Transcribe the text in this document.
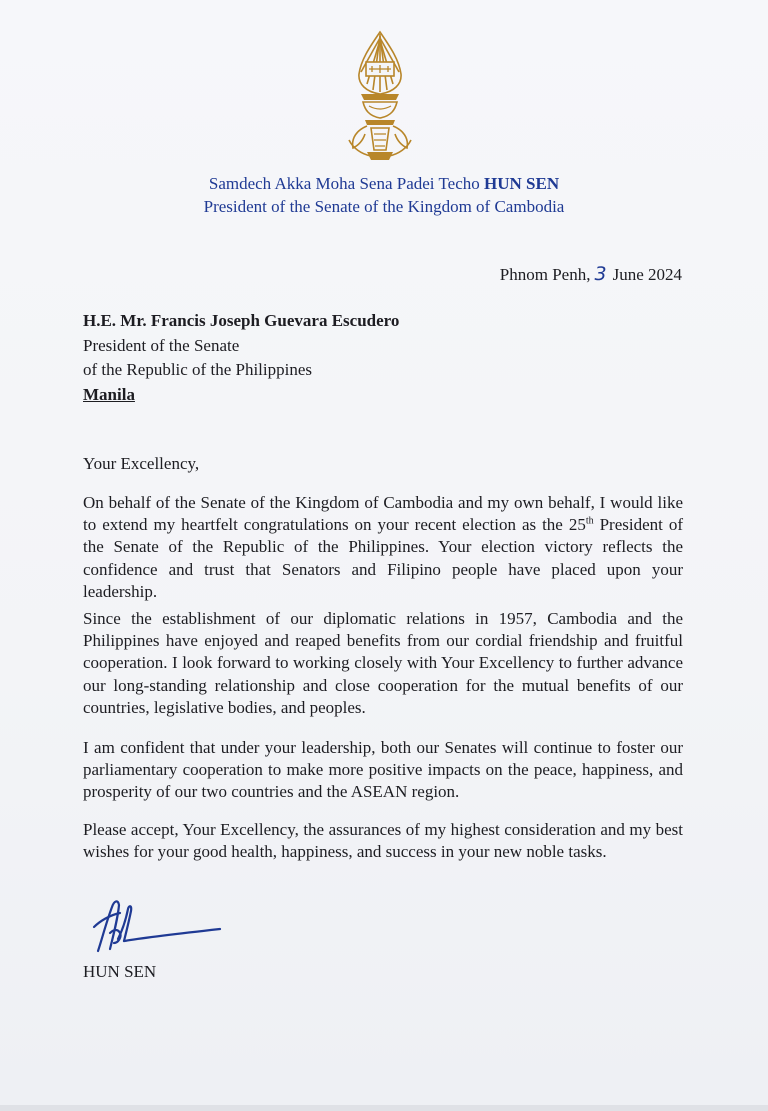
Samdech Akka Moha Sena Padei Techo HUN SEN
President of the Senate of the Kingdom of Cambodia
Phnom Penh, 3 June 2024
H.E. Mr. Francis Joseph Guevara Escudero
President of the Senate
of the Republic of the Philippines
Manila
Your Excellency,

On behalf of the Senate of the Kingdom of Cambodia and my own behalf, I would like to extend my heartfelt congratulations on your recent election as the 25th President of the Senate of the Republic of the Philippines. Your election victory reflects the confidence and trust that Senators and Filipino people have placed upon your leadership.

Since the establishment of our diplomatic relations in 1957, Cambodia and the Philippines have enjoyed and reaped benefits from our cordial friendship and fruitful cooperation. I look forward to working closely with Your Excellency to further advance our long-standing relationship and close cooperation for the mutual benefits of our countries, legislative bodies, and peoples.

I am confident that under your leadership, both our Senates will continue to foster our parliamentary cooperation to make more positive impacts on the peace, happiness, and prosperity of our two countries and the ASEAN region.

Please accept, Your Excellency, the assurances of my highest consideration and my best wishes for your good health, happiness, and success in your new noble tasks.

HUN SEN
